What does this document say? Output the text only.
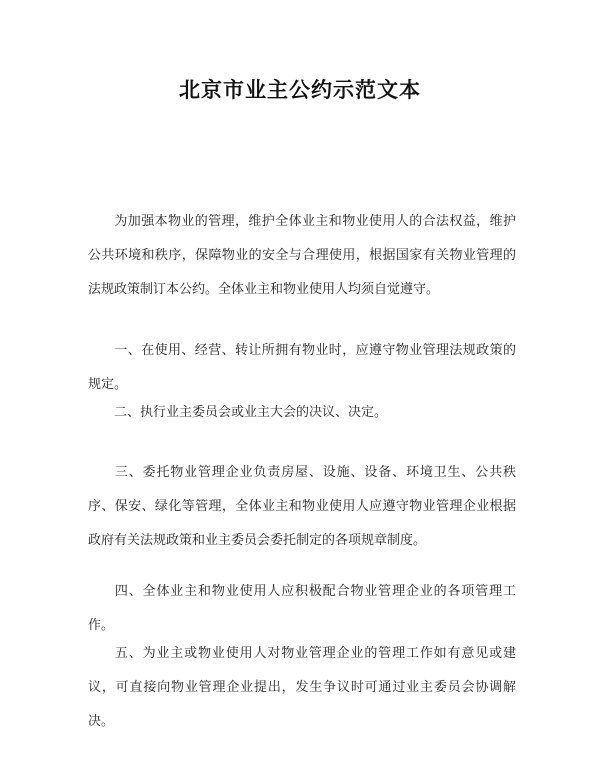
北京市业主公约示范文本

为加强本物业的管理，维护全体业主和物业使用人的合法权益，维护公共环境和秩序，保障物业的安全与合理使用，根据国家有关物业管理的法规政策制订本公约。全体业主和物业使用人均须自觉遵守。

一、在使用、经营、转让所拥有物业时，应遵守物业管理法规政策的规定。

二、执行业主委员会或业主大会的决议、决定。

三、委托物业管理企业负责房屋、设施、设备、环境卫生、公共秩序、保安、绿化等管理，全体业主和物业使用人应遵守物业管理企业根据政府有关法规政策和业主委员会委托制定的各项规章制度。

四、全体业主和物业使用人应积极配合物业管理企业的各项管理工作。

五、为业主或物业使用人对物业管理企业的管理工作如有意见或建议，可直接向物业管理企业提出，发生争议时可通过业主委员会协调解决。
